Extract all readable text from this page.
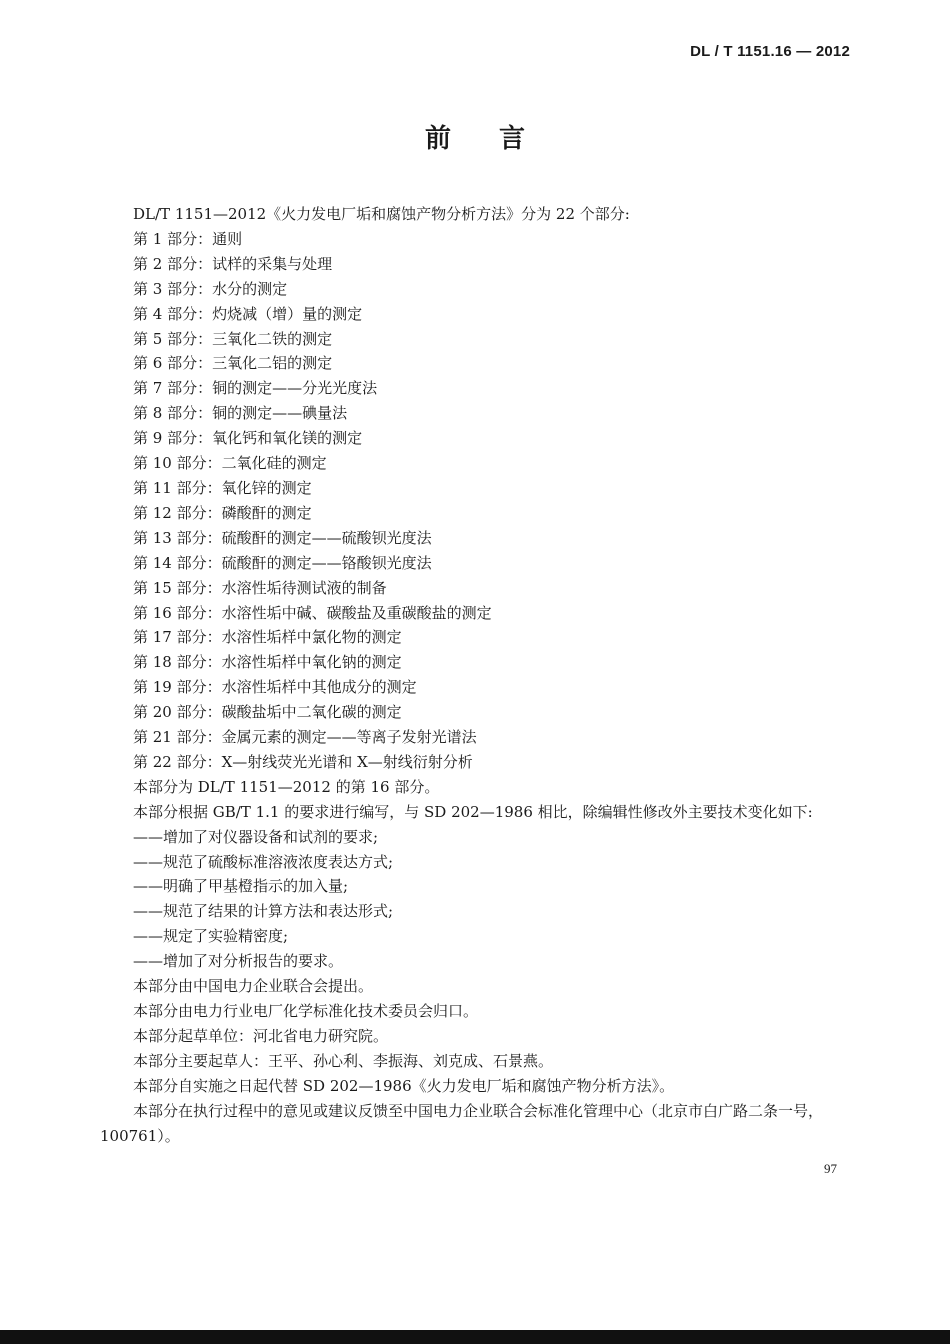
DL / T 1151.16 — 2012
前言
DL/T 1151—2012《火力发电厂垢和腐蚀产物分析方法》分为 22 个部分:
第 1 部分：通则
第 2 部分：试样的采集与处理
第 3 部分：水分的测定
第 4 部分：灼烧减（增）量的测定
第 5 部分：三氧化二铁的测定
第 6 部分：三氧化二铝的测定
第 7 部分：铜的测定——分光光度法
第 8 部分：铜的测定——碘量法
第 9 部分：氧化钙和氧化镁的测定
第 10 部分：二氧化硅的测定
第 11 部分：氧化锌的测定
第 12 部分：磷酸酐的测定
第 13 部分：硫酸酐的测定——硫酸钡光度法
第 14 部分：硫酸酐的测定——铬酸钡光度法
第 15 部分：水溶性垢待测试液的制备
第 16 部分：水溶性垢中碱、碳酸盐及重碳酸盐的测定
第 17 部分：水溶性垢样中氯化物的测定
第 18 部分：水溶性垢样中氧化钠的测定
第 19 部分：水溶性垢样中其他成分的测定
第 20 部分：碳酸盐垢中二氧化碳的测定
第 21 部分：金属元素的测定——等离子发射光谱法
第 22 部分：X—射线荧光光谱和 X—射线衍射分析
本部分为 DL/T 1151—2012 的第 16 部分。
本部分根据 GB/T 1.1 的要求进行编写，与 SD 202—1986 相比，除编辑性修改外主要技术变化如下:
——增加了对仪器设备和试剂的要求;
——规范了硫酸标准溶液浓度表达方式;
——明确了甲基橙指示的加入量;
——规范了结果的计算方法和表达形式;
——规定了实验精密度;
——增加了对分析报告的要求。
本部分由中国电力企业联合会提出。
本部分由电力行业电厂化学标准化技术委员会归口。
本部分起草单位：河北省电力研究院。
本部分主要起草人：王平、孙心利、李振海、刘克成、石景燕。
本部分自实施之日起代替 SD 202—1986《火力发电厂垢和腐蚀产物分析方法》。
本部分在执行过程中的意见或建议反馈至中国电力企业联合会标准化管理中心（北京市白广路二条一号，100761）。
97
